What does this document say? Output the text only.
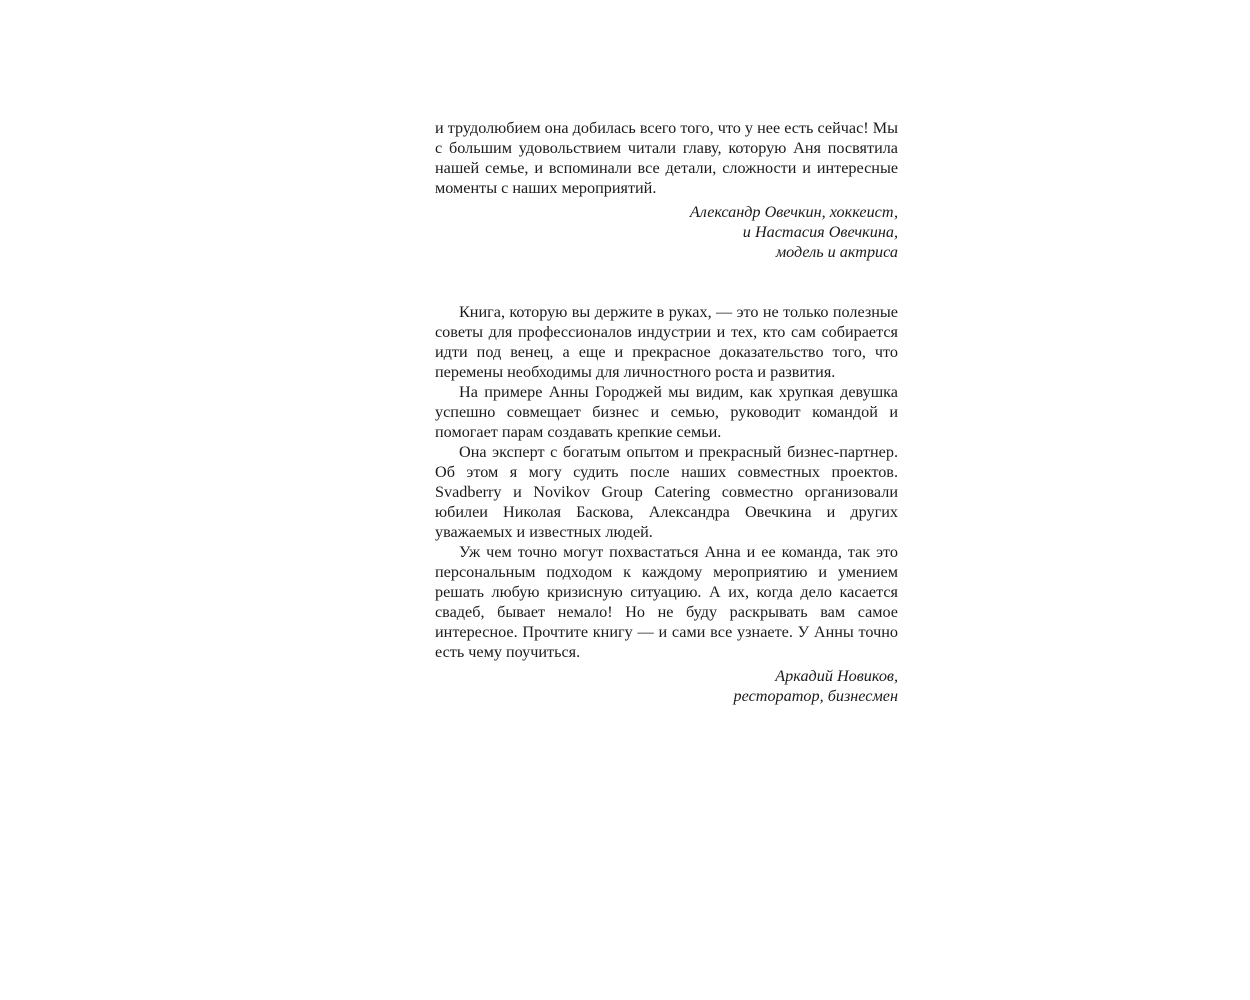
и трудолюбием она добилась всего того, что у нее есть сейчас! Мы с большим удовольствием читали главу, которую Аня посвятила нашей семье, и вспоминали все детали, сложности и интересные моменты с наших мероприятий.

Александр Овечкин, хоккеист,

и Настасия Овечкина,

модель и актриса

Книга, которую вы держите в руках, — это не только полезные советы для профессионалов индустрии и тех, кто сам собирается идти под венец, а еще и прекрасное доказательство того, что перемены необходимы для личностного роста и развития.

На примере Анны Городжей мы видим, как хрупкая девушка успешно совмещает бизнес и семью, руководит командой и помогает парам создавать крепкие семьи.

Она эксперт с богатым опытом и прекрасный бизнес-партнер. Об этом я могу судить после наших совместных проектов. Svadberry и Novikov Group Catering совместно организовали юбилеи Николая Баскова, Александра Овечкина и других уважаемых и известных людей.

Уж чем точно могут похвастаться Анна и ее команда, так это персональным подходом к каждому мероприятию и умением решать любую кризисную ситуацию. А их, когда дело касается свадеб, бывает немало! Но не буду раскрывать вам самое интересное. Прочтите книгу — и сами все узнаете. У Анны точно есть чему поучиться.

Аркадий Новиков,

ресторатор, бизнесмен
